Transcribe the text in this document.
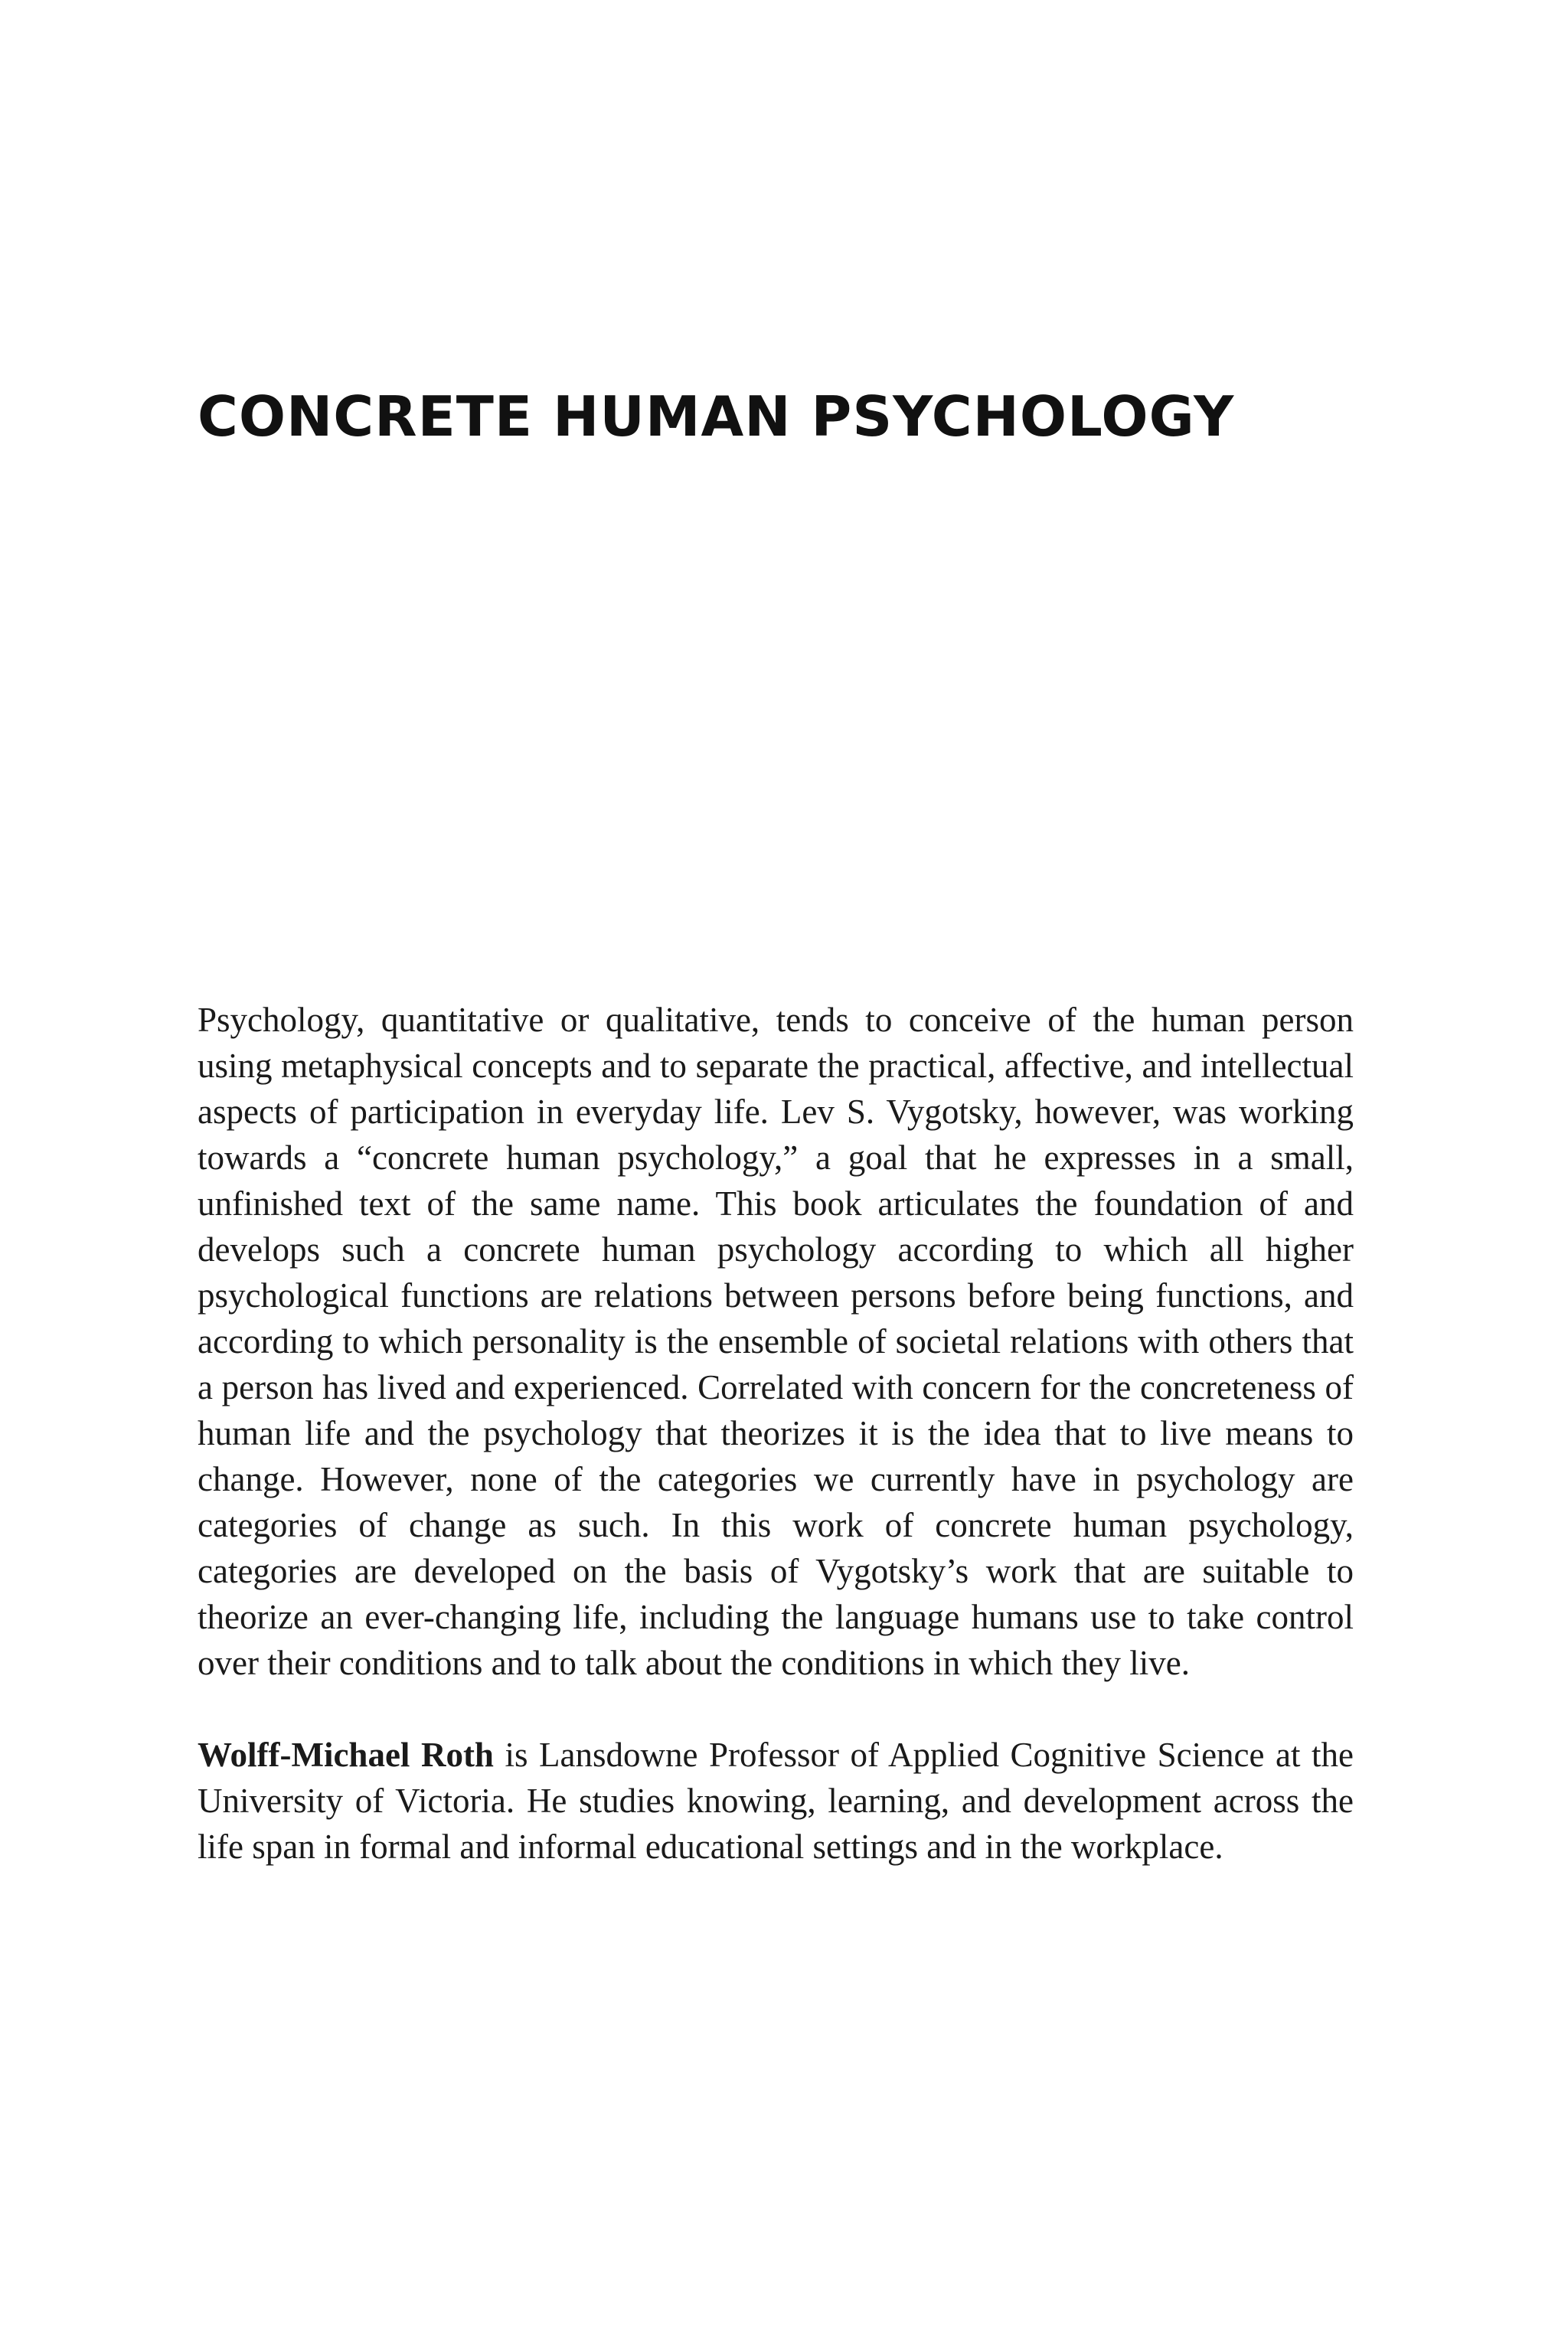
CONCRETE HUMAN PSYCHOLOGY

Psychology, quantitative or qualitative, tends to conceive of the human person using metaphysical concepts and to separate the practical, affective, and intellectual aspects of participation in everyday life. Lev S. Vygotsky, however, was working towards a “concrete human psychology,” a goal that he expresses in a small, unfinished text of the same name. This book articulates the foundation of and develops such a concrete human psychology according to which all higher psychological functions are relations between persons before being functions, and according to which personality is the ensemble of societal relations with others that a person has lived and experienced. Correlated with concern for the concreteness of human life and the psychology that theorizes it is the idea that to live means to change. However, none of the categories we currently have in psychology are categories of change as such. In this work of concrete human psychology, categories are developed on the basis of Vygotsky’s work that are suitable to theorize an ever-changing life, including the language humans use to take control over their conditions and to talk about the conditions in which they live.

Wolff-Michael Roth is Lansdowne Professor of Applied Cognitive Science at the University of Victoria. He studies knowing, learning, and development across the life span in formal and informal educational settings and in the workplace.
